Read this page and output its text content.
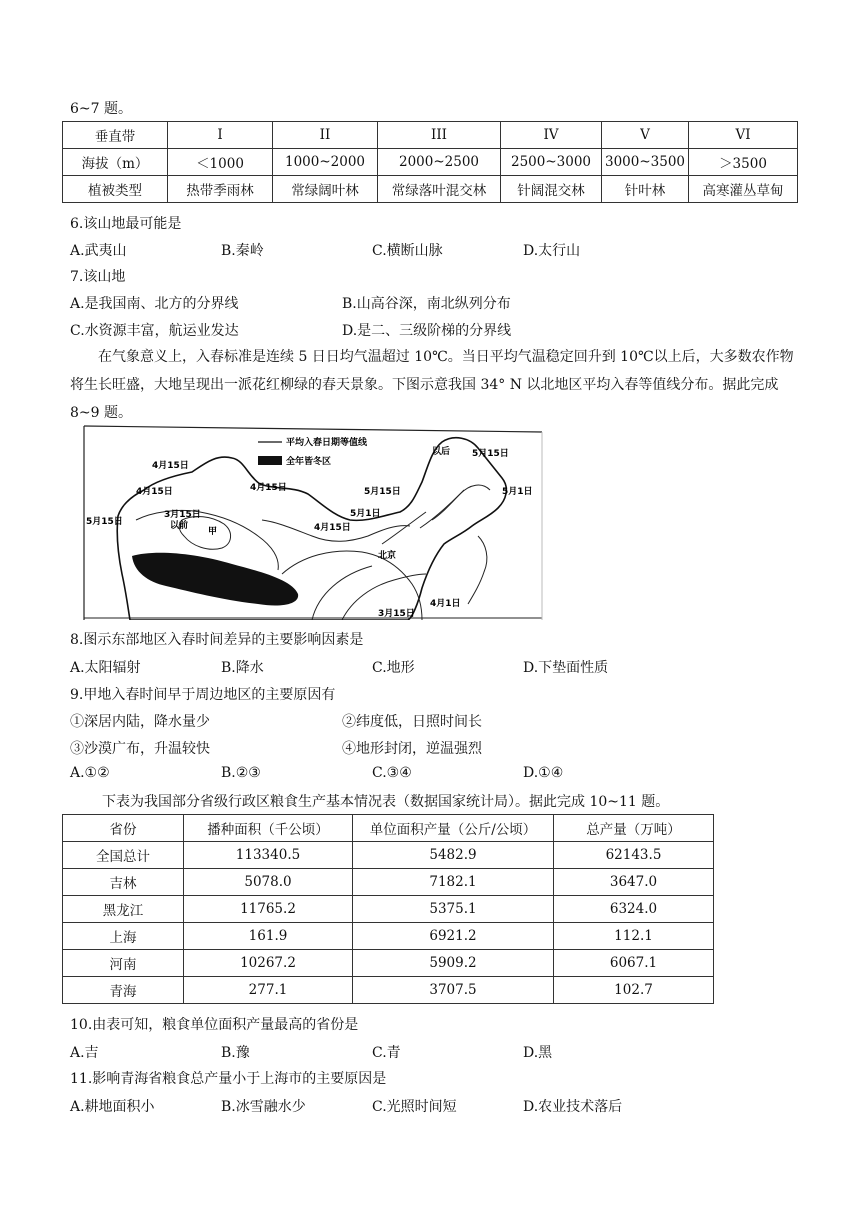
6~7 题。
垂直带	I	II	III	IV	V	VI
海拔（m）	＜1000	1000~2000	2000~2500	2500~3000	3000~3500	＞3500
植被类型	热带季雨林	常绿阔叶林	常绿落叶混交林	针阔混交林	针叶林	高寒灌丛草甸
6.该山地最可能是
A.武夷山	B.秦岭	C.横断山脉	D.太行山
7.该山地
A.是我国南、北方的分界线	B.山高谷深，南北纵列分布
C.水资源丰富，航运业发达	D.是二、三级阶梯的分界线
在气象意义上，入春标准是连续 5 日日均气温超过 10℃。当日平均气温稳定回升到 10℃以上后，大多数农作物将生长旺盛，大地呈现出一派花红柳绿的春天景象。下图示意我国 34° N 以北地区平均入春等值线分布。据此完成 8~9 题。
平均入春日期等值线
全年皆冬区
4月15日
4月15日	4月15日
5月15日
3月15日
以前
甲
5月15日
4月15日
5月1日
北京
以后 5月15日
5月1日
4月1日
3月15日
8.图示东部地区入春时间差异的主要影响因素是
A.太阳辐射	B.降水	C.地形	D.下垫面性质
9.甲地入春时间早于周边地区的主要原因有
①深居内陆，降水量少	②纬度低，日照时间长
③沙漠广布，升温较快	④地形封闭，逆温强烈
A.①②	B.②③	C.③④	D.①④
下表为我国部分省级行政区粮食生产基本情况表（数据国家统计局）。据此完成 10~11 题。
省份	播种面积（千公顷）	单位面积产量（公斤/公顷）	总产量（万吨）
全国总计	113340.5	5482.9	62143.5
吉林	5078.0	7182.1	3647.0
黑龙江	11765.2	5375.1	6324.0
上海	161.9	6921.2	112.1
河南	10267.2	5909.2	6067.1
青海	277.1	3707.5	102.7
10.由表可知，粮食单位面积产量最高的省份是
A.吉	B.豫	C.青	D.黑
11.影响青海省粮食总产量小于上海市的主要原因是
A.耕地面积小	B.冰雪融水少	C.光照时间短	D.农业技术落后
